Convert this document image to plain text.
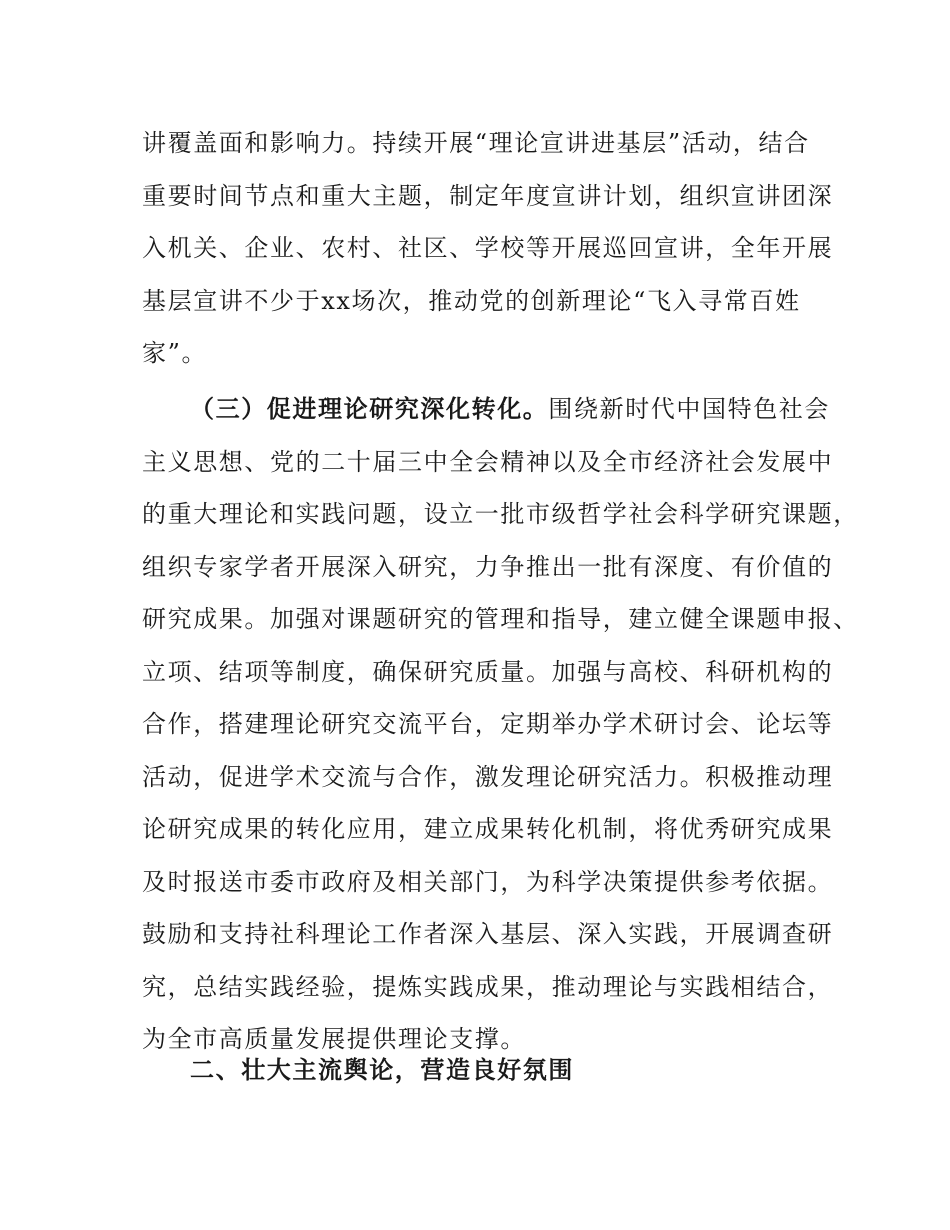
讲覆盖面和影响力。持续开展“理论宣讲进基层”活动，结合
重要时间节点和重大主题，制定年度宣讲计划，组织宣讲团深
入机关、企业、农村、社区、学校等开展巡回宣讲，全年开展
基层宣讲不少于xx场次，推动党的创新理论“飞入寻常百姓
家”。
（三）促进理论研究深化转化。围绕新时代中国特色社会
主义思想、党的二十届三中全会精神以及全市经济社会发展中
的重大理论和实践问题，设立一批市级哲学社会科学研究课题，
组织专家学者开展深入研究，力争推出一批有深度、有价值的
研究成果。加强对课题研究的管理和指导，建立健全课题申报、
立项、结项等制度，确保研究质量。加强与高校、科研机构的
合作，搭建理论研究交流平台，定期举办学术研讨会、论坛等
活动，促进学术交流与合作，激发理论研究活力。积极推动理
论研究成果的转化应用，建立成果转化机制，将优秀研究成果
及时报送市委市政府及相关部门，为科学决策提供参考依据。
鼓励和支持社科理论工作者深入基层、深入实践，开展调查研
究，总结实践经验，提炼实践成果，推动理论与实践相结合，
为全市高质量发展提供理论支撑。
二、壮大主流舆论，营造良好氛围
